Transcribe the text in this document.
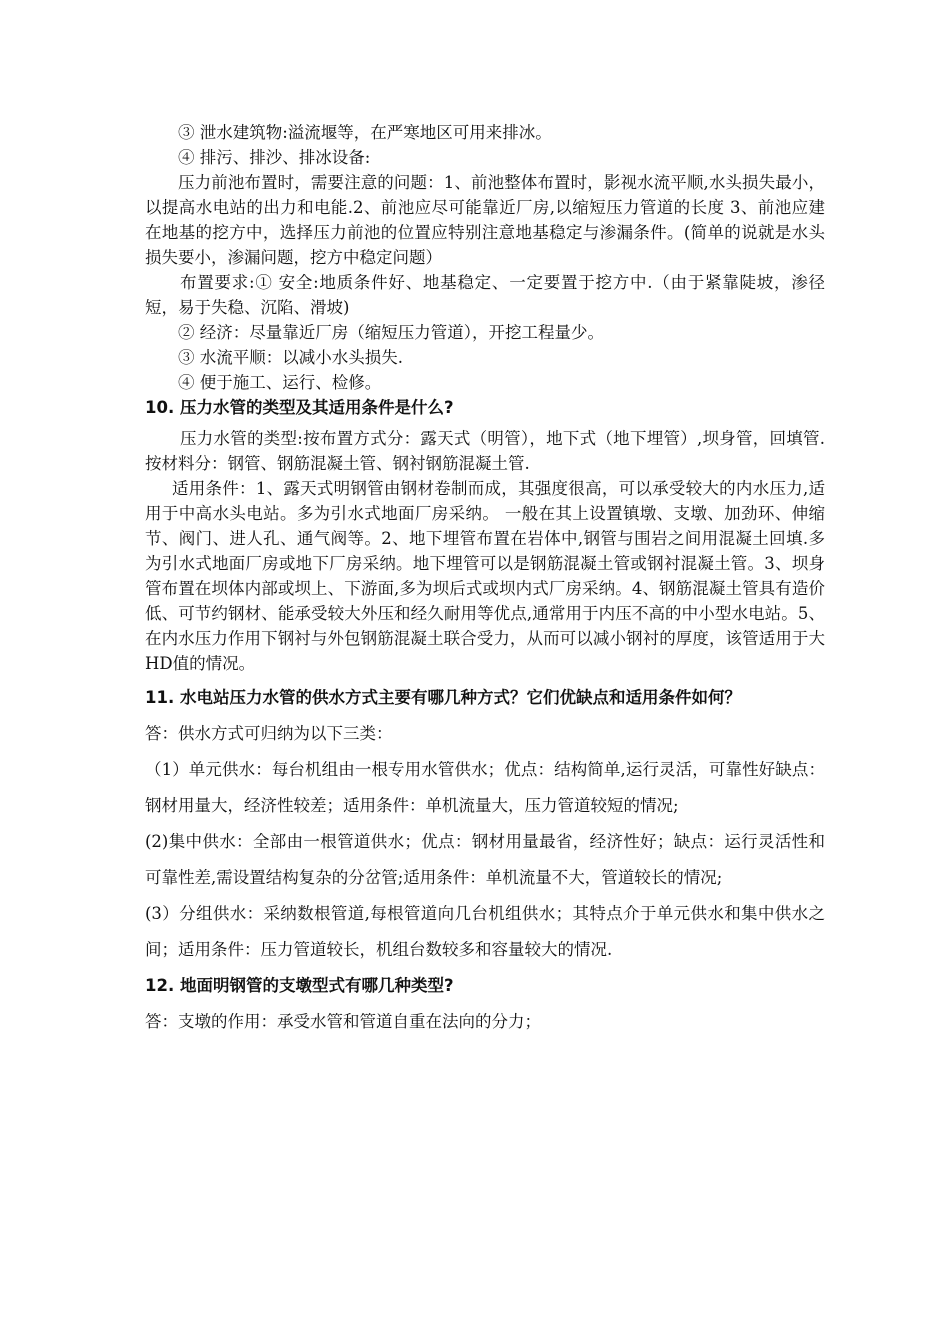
③ 泄水建筑物:溢流堰等，在严寒地区可用来排冰。

④ 排污、排沙、排冰设备:

压力前池布置时，需要注意的问题：1、前池整体布置时，影视水流平顺,水头损失最小，以提高水电站的出力和电能.2、前池应尽可能靠近厂房,以缩短压力管道的长度 3、前池应建在地基的挖方中，选择压力前池的位置应特别注意地基稳定与渗漏条件。(简单的说就是水头损失要小，渗漏问题，挖方中稳定问题）

布置要求:① 安全:地质条件好、地基稳定、一定要置于挖方中.（由于紧靠陡坡，渗径短，易于失稳、沉陷、滑坡)

② 经济：尽量靠近厂房（缩短压力管道），开挖工程量少。

③ 水流平顺：以减小水头损失.

④ 便于施工、运行、检修。

10. 压力水管的类型及其适用条件是什么?

压力水管的类型:按布置方式分：露天式（明管），地下式（地下埋管）,坝身管，回填管.按材料分：钢管、钢筋混凝土管、钢衬钢筋混凝土管.

适用条件：1、露天式明钢管由钢材卷制而成，其强度很高，可以承受较大的内水压力,适用于中高水头电站。多为引水式地面厂房采纳。 一般在其上设置镇墩、支墩、加劲环、伸缩节、阀门、进人孔、通气阀等。2、地下埋管布置在岩体中,钢管与围岩之间用混凝土回填.多为引水式地面厂房或地下厂房采纳。地下埋管可以是钢筋混凝土管或钢衬混凝土管。3、坝身管布置在坝体内部或坝上、下游面,多为坝后式或坝内式厂房采纳。4、钢筋混凝土管具有造价低、可节约钢材、能承受较大外压和经久耐用等优点,通常用于内压不高的中小型水电站。5、在内水压力作用下钢衬与外包钢筋混凝土联合受力，从而可以减小钢衬的厚度，该管适用于大HD值的情况。

11. 水电站压力水管的供水方式主要有哪几种方式？它们优缺点和适用条件如何？

答：供水方式可归纳为以下三类：

（1）单元供水：每台机组由一根专用水管供水；优点：结构简单,运行灵活，可靠性好缺点：钢材用量大，经济性较差；适用条件：单机流量大，压力管道较短的情况;

(2)集中供水：全部由一根管道供水；优点：钢材用量最省，经济性好；缺点：运行灵活性和可靠性差,需设置结构复杂的分岔管;适用条件：单机流量不大，管道较长的情况;

(3）分组供水：采纳数根管道,每根管道向几台机组供水；其特点介于单元供水和集中供水之间；适用条件：压力管道较长，机组台数较多和容量较大的情况.

12. 地面明钢管的支墩型式有哪几种类型?

答：支墩的作用：承受水管和管道自重在法向的分力；
